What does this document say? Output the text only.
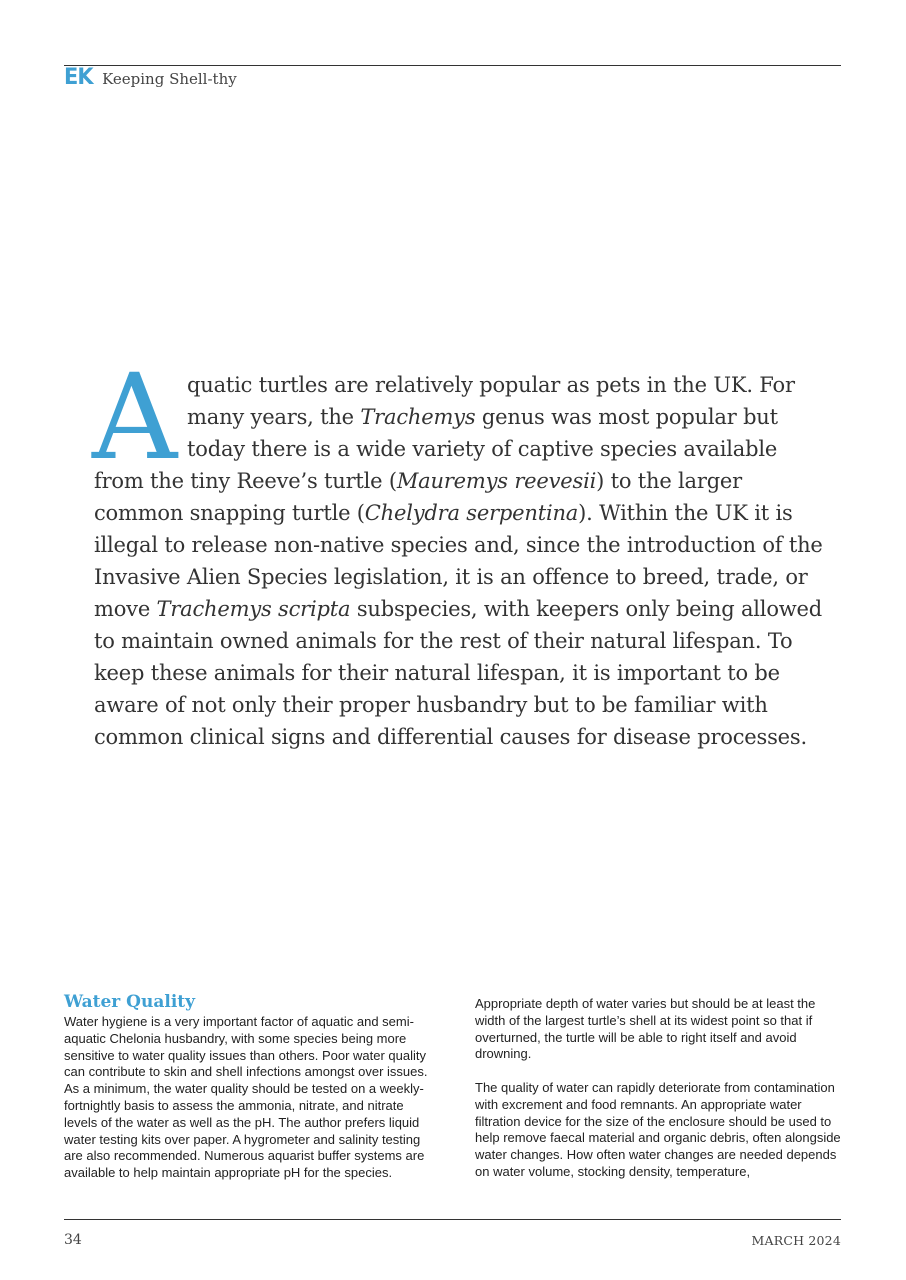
EK Keeping Shell-thy
Aquatic turtles are relatively popular as pets in the UK. For many years, the Trachemys genus was most popular but today there is a wide variety of captive species available from the tiny Reeve’s turtle (Mauremys reevesii) to the larger common snapping turtle (Chelydra serpentina). Within the UK it is illegal to release non-native species and, since the introduction of the Invasive Alien Species legislation, it is an offence to breed, trade, or move Trachemys scripta subspecies, with keepers only being allowed to maintain owned animals for the rest of their natural lifespan. To keep these animals for their natural lifespan, it is important to be aware of not only their proper husbandry but to be familiar with common clinical signs and differential causes for disease processes.
Water Quality

Water hygiene is a very important factor of aquatic and semi-aquatic Chelonia husbandry, with some species being more sensitive to water quality issues than others. Poor water quality can contribute to skin and shell infections amongst over issues. As a minimum, the water quality should be tested on a weekly-fortnightly basis to assess the ammonia, nitrate, and nitrate levels of the water as well as the pH. The author prefers liquid water testing kits over paper. A hygrometer and salinity testing are also recommended. Numerous aquarist buffer systems are available to help maintain appropriate pH for the species.

Appropriate depth of water varies but should be at least the width of the largest turtle’s shell at its widest point so that if overturned, the turtle will be able to right itself and avoid drowning.

The quality of water can rapidly deteriorate from contamination with excrement and food remnants. An appropriate water filtration device for the size of the enclosure should be used to help remove faecal material and organic debris, often alongside water changes. How often water changes are needed depends on water volume, stocking density, temperature,

34	MARCH 2024
